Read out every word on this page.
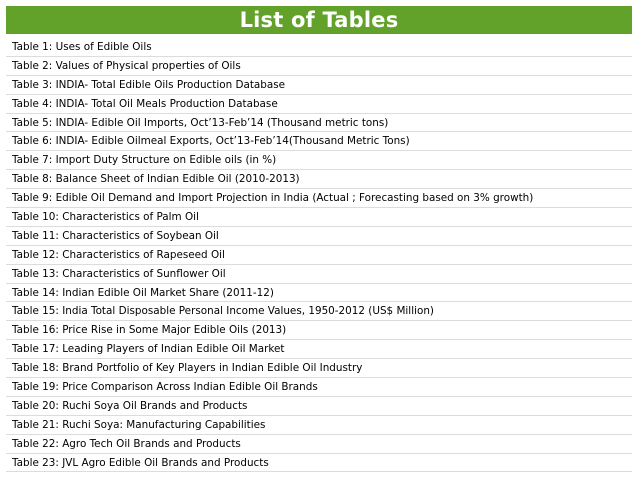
List of Tables
Table 1: Uses of Edible Oils
Table 2: Values of Physical properties of Oils
Table 3: INDIA- Total Edible Oils Production Database
Table 4: INDIA- Total Oil Meals Production Database
Table 5: INDIA- Edible Oil Imports, Oct’13-Feb’14 (Thousand metric tons)
Table 6: INDIA- Edible Oilmeal Exports, Oct’13-Feb’14(Thousand Metric Tons)
Table 7: Import Duty Structure on Edible oils (in %)
Table 8: Balance Sheet of Indian Edible Oil (2010-2013)
Table 9: Edible Oil Demand and Import Projection in India (Actual ; Forecasting based on 3% growth)
Table 10: Characteristics of Palm Oil
Table 11: Characteristics of Soybean Oil
Table 12: Characteristics of Rapeseed Oil
Table 13: Characteristics of Sunflower Oil
Table 14: Indian Edible Oil Market Share (2011-12)
Table 15: India Total Disposable Personal Income Values, 1950-2012 (US$ Million)
Table 16: Price Rise in Some Major Edible Oils (2013)
Table 17: Leading Players of Indian Edible Oil Market
Table 18: Brand Portfolio of Key Players in Indian Edible Oil Industry
Table 19: Price Comparison Across Indian Edible Oil Brands
Table 20: Ruchi Soya Oil Brands and Products
Table 21: Ruchi Soya: Manufacturing Capabilities
Table 22: Agro Tech Oil Brands and Products
Table 23: JVL Agro Edible Oil Brands and Products
